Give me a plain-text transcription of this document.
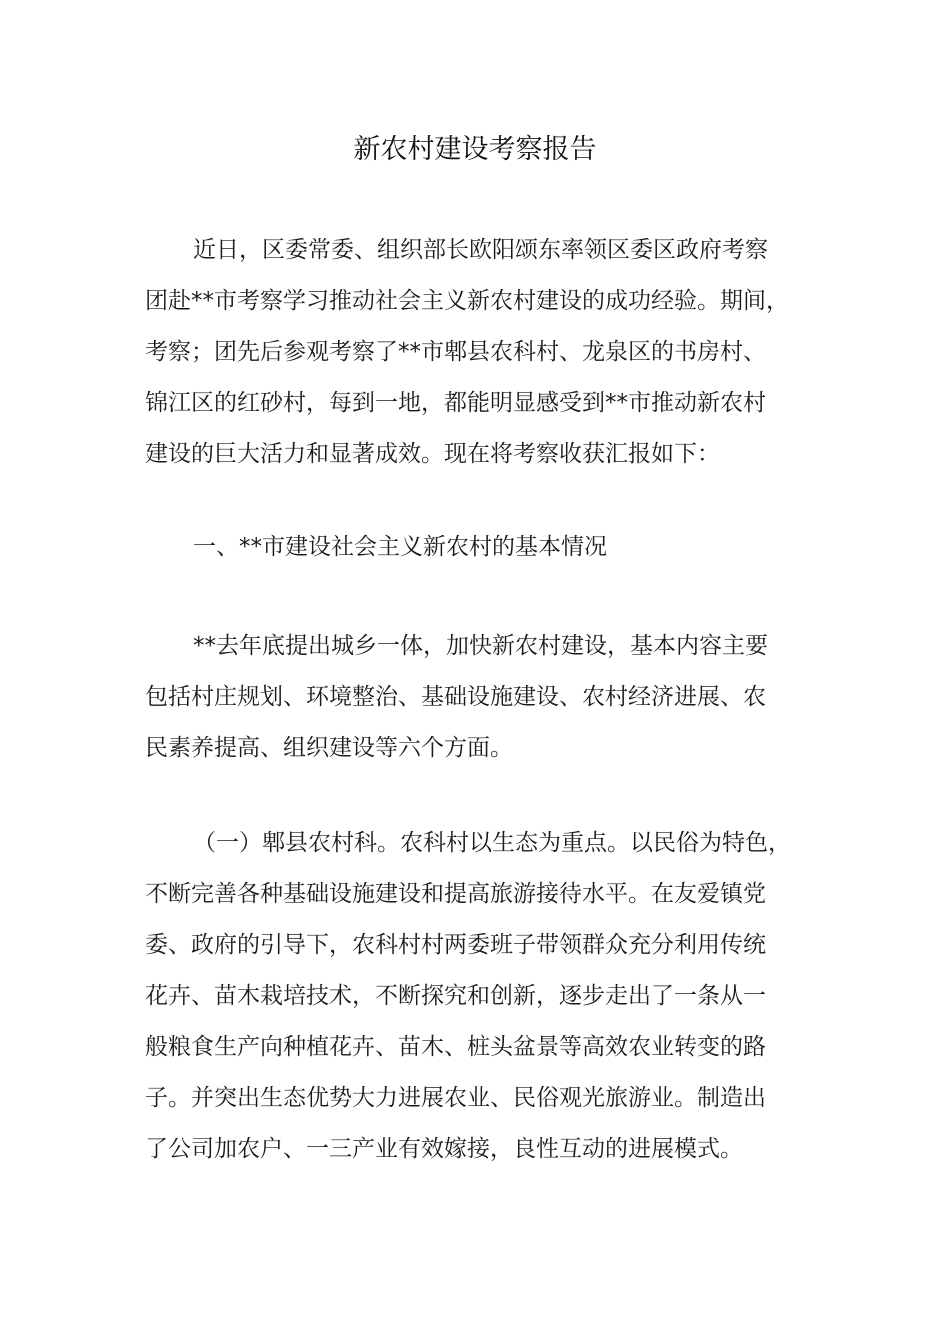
新农村建设考察报告
近日，区委常委、组织部长欧阳颂东率领区委区政府考察
团赴**市考察学习推动社会主义新农村建设的成功经验。期间，
考察；团先后参观考察了**市郫县农科村、龙泉区的书房村、
锦江区的红砂村，每到一地，都能明显感受到**市推动新农村
建设的巨大活力和显著成效。现在将考察收获汇报如下：
一、**市建设社会主义新农村的基本情况
**去年底提出城乡一体，加快新农村建设，基本内容主要
包括村庄规划、环境整治、基础设施建设、农村经济进展、农
民素养提高、组织建设等六个方面。
（一）郫县农村科。农科村以生态为重点。以民俗为特色，
不断完善各种基础设施建设和提高旅游接待水平。在友爱镇党
委、政府的引导下，农科村村两委班子带领群众充分利用传统
花卉、苗木栽培技术，不断探究和创新，逐步走出了一条从一
般粮食生产向种植花卉、苗木、桩头盆景等高效农业转变的路
子。并突出生态优势大力进展农业、民俗观光旅游业。制造出
了公司加农户、一三产业有效嫁接，良性互动的进展模式。
